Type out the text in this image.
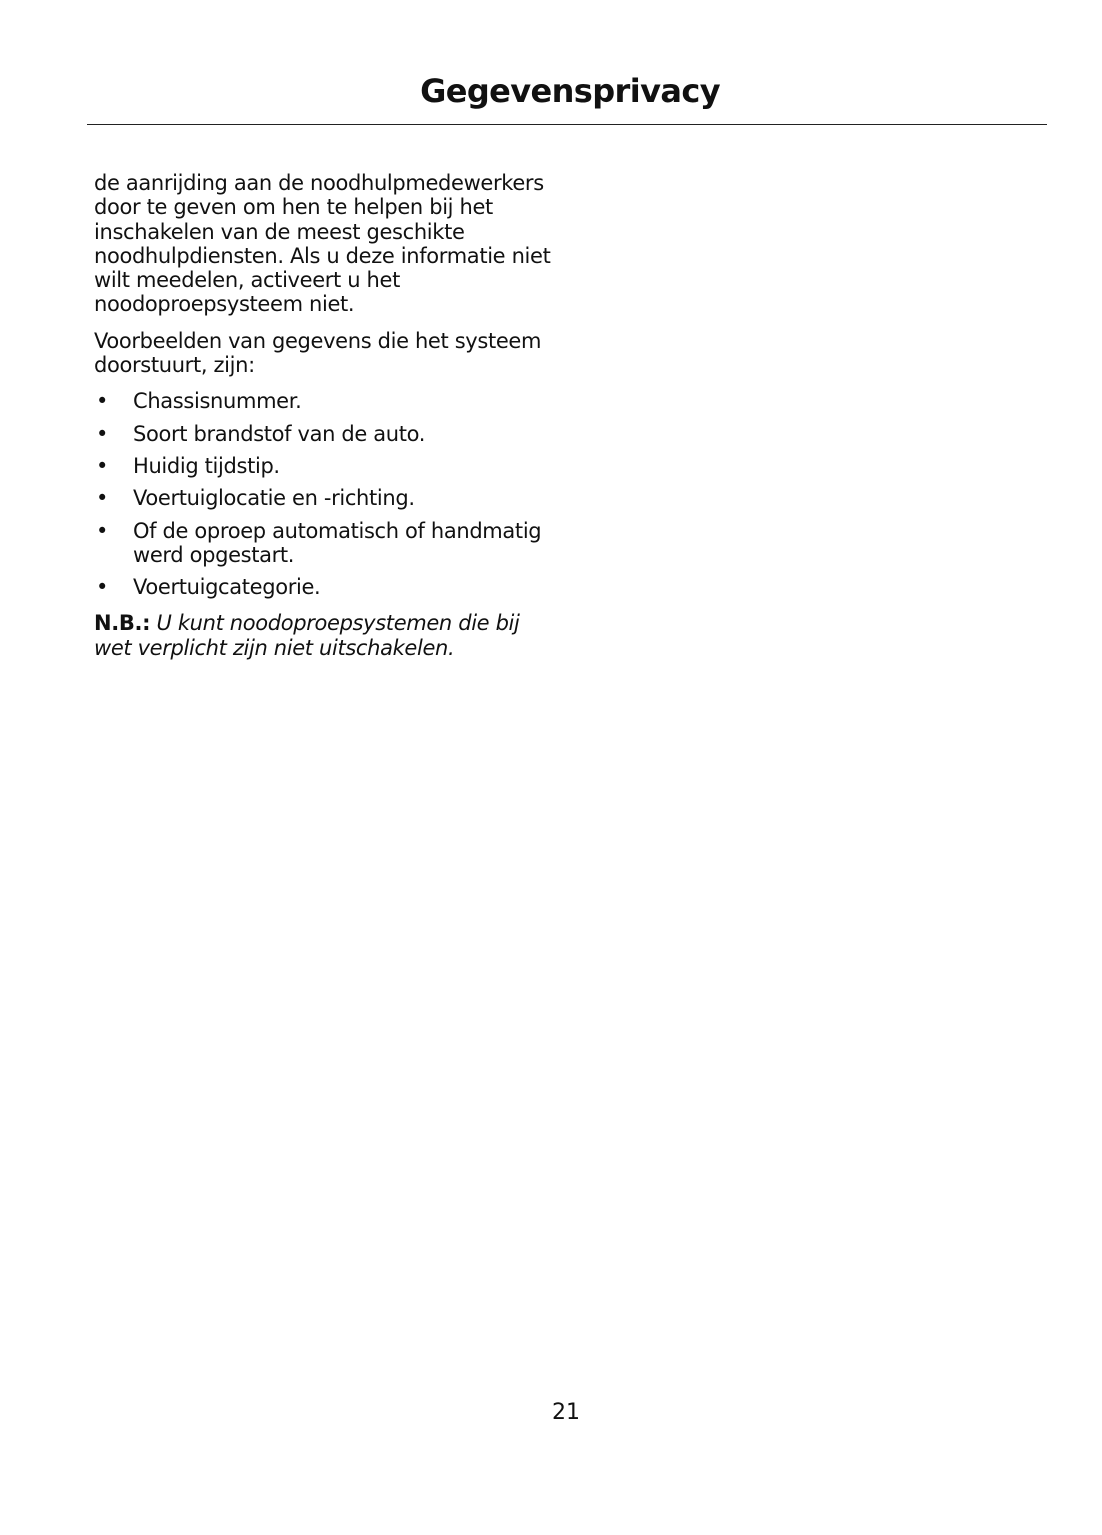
Gegevensprivacy

de aanrijding aan de noodhulpmedewerkers door te geven om hen te helpen bij het inschakelen van de meest geschikte noodhulpdiensten. Als u deze informatie niet wilt meedelen, activeert u het noodoproepsysteem niet.

Voorbeelden van gegevens die het systeem doorstuurt, zijn:

• Chassisnummer.
• Soort brandstof van de auto.
• Huidig tijdstip.
• Voertuiglocatie en -richting.
• Of de oproep automatisch of handmatig werd opgestart.
• Voertuigcategorie.

N.B.: U kunt noodoproepsystemen die bij wet verplicht zijn niet uitschakelen.

21
